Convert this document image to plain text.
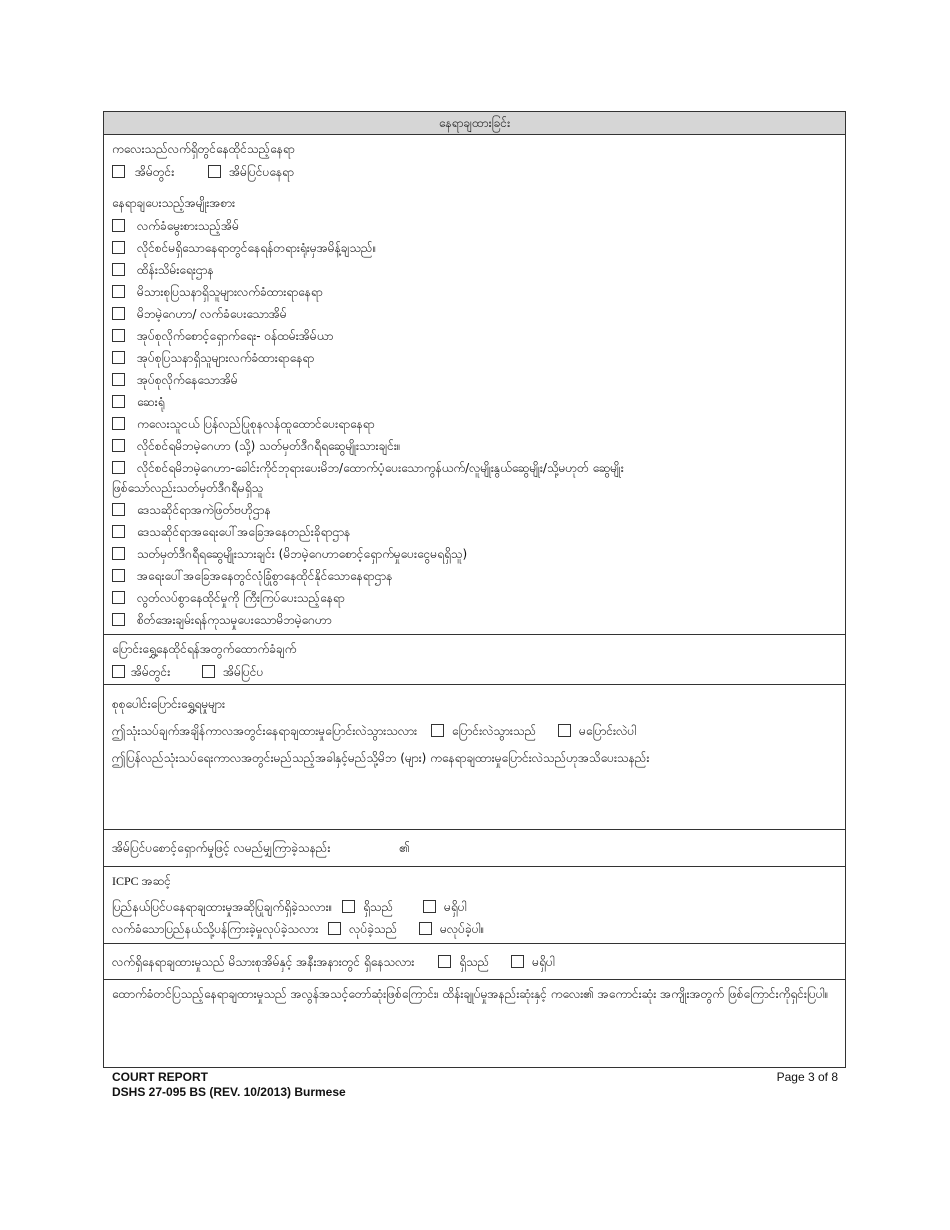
နေရာချထားခြင်း
ကလေးသည်လက်ရှိတွင်နေထိုင်သည့်နေရာ
အိမ်တွင်း	အိမ်ပြင်ပနေရာ
နေရာချပေးသည့်အမျိုးအစား
လက်ခံမွေးစားသည့်အိမ်
လိုင်စင်မရှိသောနေရာတွင်နေရန်တရားရုံးမှအမိန့်ချသည်။
ထိန်းသိမ်းရေးဌာန
မိသားစုပြသနာရှိသူများလက်ခံထားရာနေရာ
မိဘမဲ့ဂေဟာ/ လက်ခံပေးသောအိမ်
အုပ်စုလိုက်စောင့်ရှောက်ရေး- ဝန်ထမ်းအိမ်ယာ
အုပ်စုပြသနာရှိသူများလက်ခံထားရာနေရာ
အုပ်စုလိုက်နေသောအိမ်
ဆေးရုံ
ကလေးသူငယ် ပြန်လည်ပြုစုနလန်ထူထောင်ပေးရာနေရာ
လိုင်စင်ရမိဘမဲ့ဂေဟာ (သို့) သတ်မှတ်ဒီဂရီရဆွေမျိုးသားချင်း။
လိုင်စင်ရမိဘမဲ့ဂေဟာ-ခေါင်းကိုင်ဘုရားပေးမိဘ/ထောက်ပံ့ပေးသောကွန်ယက်/လူမျိုးနွယ်ဆွေမျိုး/သို့မဟုတ် ဆွေမျိုး
ဖြစ်သော်လည်းသတ်မှတ်ဒီဂရီမရှိသူ
ဒေသဆိုင်ရာအကဲဖြတ်ဗဟိုဌာန
ဒေသဆိုင်ရာအရေးပေါ်အခြေအနေတည်းခိုရာဌာန
သတ်မှတ်ဒီဂရီရဆွေမျိုးသားချင်း (မိဘမဲ့ဂေဟာစောင့်ရှောက်မှုပေးငွေမရရှိသူ)
အရေးပေါ်အခြေအနေတွင်လုံခြုံစွာနေထိုင်နိုင်သောနေရာဌာန
လွတ်လပ်စွာနေထိုင်မှုကို ကြီးကြပ်ပေးသည့်နေရာ
စိတ်အေးချမ်းရန်ကုသမှုပေးသောမိဘမဲ့ဂေဟာ
ပြောင်းရွှေ့နေထိုင်ရန်အတွက်ထောက်ခံချက်
အိမ်တွင်း	အိမ်ပြင်ပ
စုစုပေါင်းပြောင်းရွှေ့ရမှုများ
ဤသုံးသပ်ချက်အချိန်ကာလအတွင်းနေရာချထားမှုပြောင်းလဲသွားသလား	ပြောင်းလဲသွားသည်	မပြောင်းလဲပါ
ဤပြန်လည်သုံးသပ်ရေးကာလအတွင်းမည်သည့်အခါနှင့်မည်သို့မိဘ (များ) ကနေရာချထားမှုပြောင်းလဲသည်ဟုအသိပေးသနည်း
အိမ်ပြင်ပစောင့်ရှောက်မှုဖြင့် လမည်မျှကြာခဲ့သနည်း	၏
ICPC အဆင့်
ပြည်နယ်ပြင်ပနေရာချထားမှုအဆိုပြုချက်ရှိခဲ့သလား။	ရှိသည်	မရှိပါ
လက်ခံသောပြည်နယ်သို့ပန်ကြားခဲ့မှုလုပ်ခဲ့သလား	လုပ်ခဲ့သည်	မလုပ်ခဲ့ပါ။
လက်ရှိနေရာချထားမှုသည် မိသားစုအိမ်နှင့် အနီးအနားတွင် ရှိနေသလား	ရှိသည်	မရှိပါ
ထောက်ခံတင်ပြသည့်နေရာချထားမှုသည် အလွန်အသင့်တော်ဆုံးဖြစ်ကြောင်း၊ ထိန်းချုပ်မှုအနည်းဆုံးနှင့် ကလေး၏ အကောင်းဆုံး အကျိုးအတွက် ဖြစ်ကြောင်းကိုရှင်းပြပါ။
COURT REPORT
DSHS 27-095 BS (REV. 10/2013) Burmese
Page 3 of 8
